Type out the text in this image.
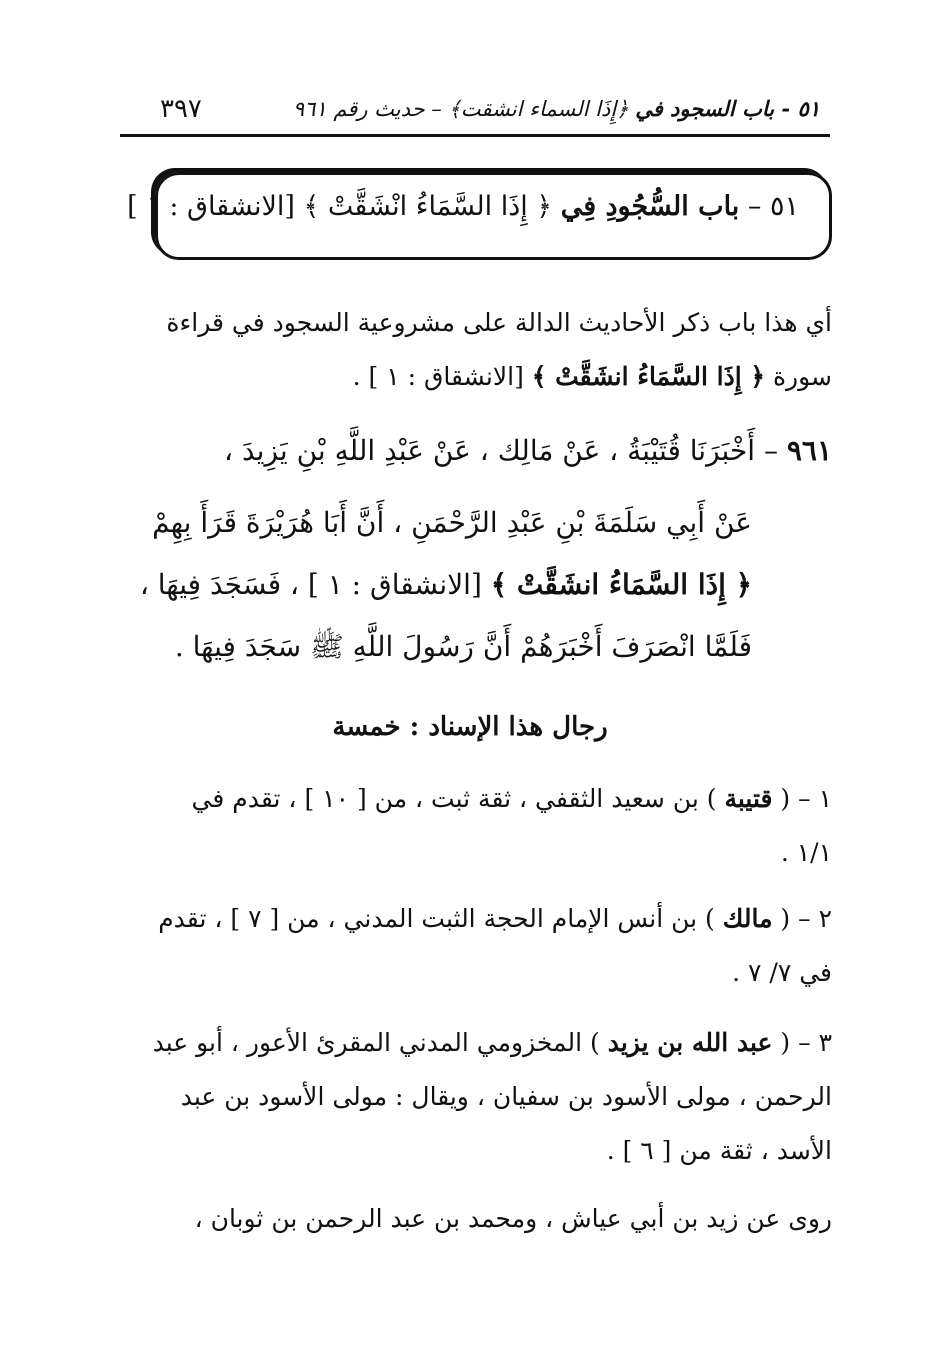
٥١ - باب السجود في ﴿إِذَا السماء انشقت﴾ – حديث رقم ٩٦١
٣٩٧
٥١ – باب السُّجُودِ فِي ﴿ إِذَا السَّمَاءُ انْشَقَّتْ ﴾ [الانشقاق : ١ ]
أي هذا باب ذكر الأحاديث الدالة على مشروعية السجود في قراءة
سورة ﴿ إِذَا السَّمَاءُ انشَقَّتْ ﴾ [الانشقاق : ١ ] .
٩٦١ – أَخْبَرَنَا قُتَيْبَةُ ، عَنْ مَالِك ، عَنْ عَبْدِ اللَّهِ بْنِ يَزِيدَ ،
عَنْ أَبِي سَلَمَةَ بْنِ عَبْدِ الرَّحْمَنِ ، أَنَّ أَبَا هُرَيْرَةَ قَرَأَ بِهِمْ
﴿ إِذَا السَّمَاءُ انشَقَّتْ ﴾ [الانشقاق : ١ ] ، فَسَجَدَ فِيهَا ،
فَلَمَّا انْصَرَفَ أَخْبَرَهُمْ أَنَّ رَسُولَ اللَّهِ ﷺ سَجَدَ فِيهَا .
رجال هذا الإسناد : خمسة
١ – ( قتيبة ) بن سعيد الثقفي ، ثقة ثبت ، من [ ١٠ ] ، تقدم في
١/١ .
٢ – ( مالك ) بن أنس الإمام الحجة الثبت المدني ، من [ ٧ ] ، تقدم
في ٧/ ٧ .
٣ – ( عبد الله بن يزيد ) المخزومي المدني المقرئ الأعور ، أبو عبد
الرحمن ، مولى الأسود بن سفيان ، ويقال : مولى الأسود بن عبد
الأسد ، ثقة من [ ٦ ] .
روى عن زيد بن أبي عياش ، ومحمد بن عبد الرحمن بن ثوبان ،
